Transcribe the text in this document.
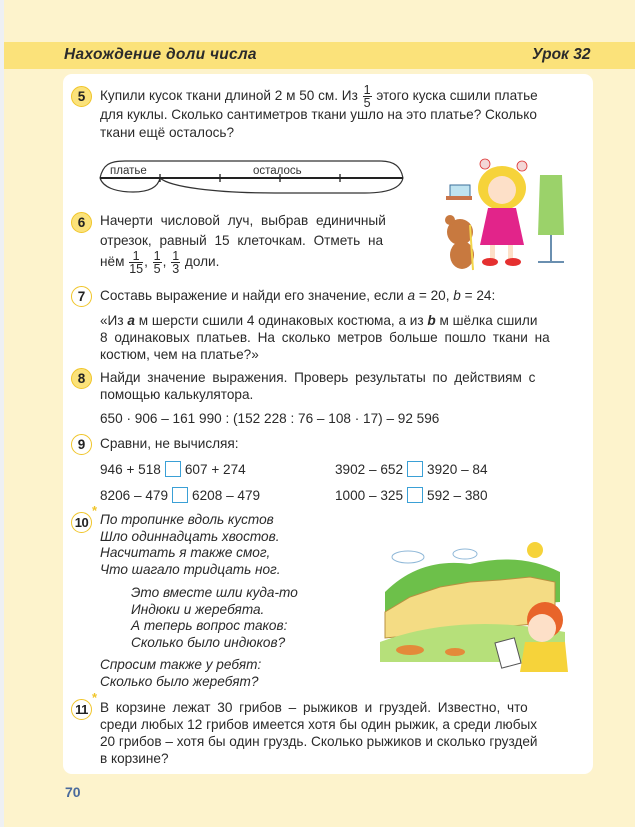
Нахождение доли числа	Урок 32
5	Купили кусок ткани длиной 2 м 50 см. Из $\frac{1}{5}$ этого куска сшили платье
для куклы. Сколько сантиметров ткани ушло на это платье? Сколько
ткани ещё осталось?
платье	осталось
6	Начерти числовой луч, выбрав единичный
отрезок, равный 15 клеточкам. Отметь на
нём $\frac{1}{15}$ , $\frac{1}{5}$ , $\frac{1}{3}$ доли.
7	Составь выражение и найди его значение, если a = 20, b = 24:
«Из a м шерсти сшили 4 одинаковых костюма, а из b м шёлка сшили
8 одинаковых платьев. На сколько метров больше пошло ткани на
костюм, чем на платье?»
8	Найди значение выражения. Проверь результаты по действиям с
помощью калькулятора.
650 · 906 – 161 990 : (152 228 : 76 – 108 · 17) – 92 596
9	Сравни, не вычисляя:
946 + 518 607 + 274	3902 – 652 3920 – 84
8206 – 479 6208 – 479	1000 – 325 592 – 380
10
*
По тропинке вдоль кустов
Шло одиннадцать хвостов.
Насчитать я также смог,
Что шагало тридцать ног.
Это вместе шли куда-то
Индюки и жеребята.
А теперь вопрос таков:
Сколько было индюков?
Спросим также у ребят:
Сколько было жеребят?
11
*
В корзине лежат 30 грибов – рыжиков и груздей. Известно, что
среди любых 12 грибов имеется хотя бы один рыжик, а среди любых
20 грибов – хотя бы один груздь. Сколько рыжиков и сколько груздей
в корзине?
70
